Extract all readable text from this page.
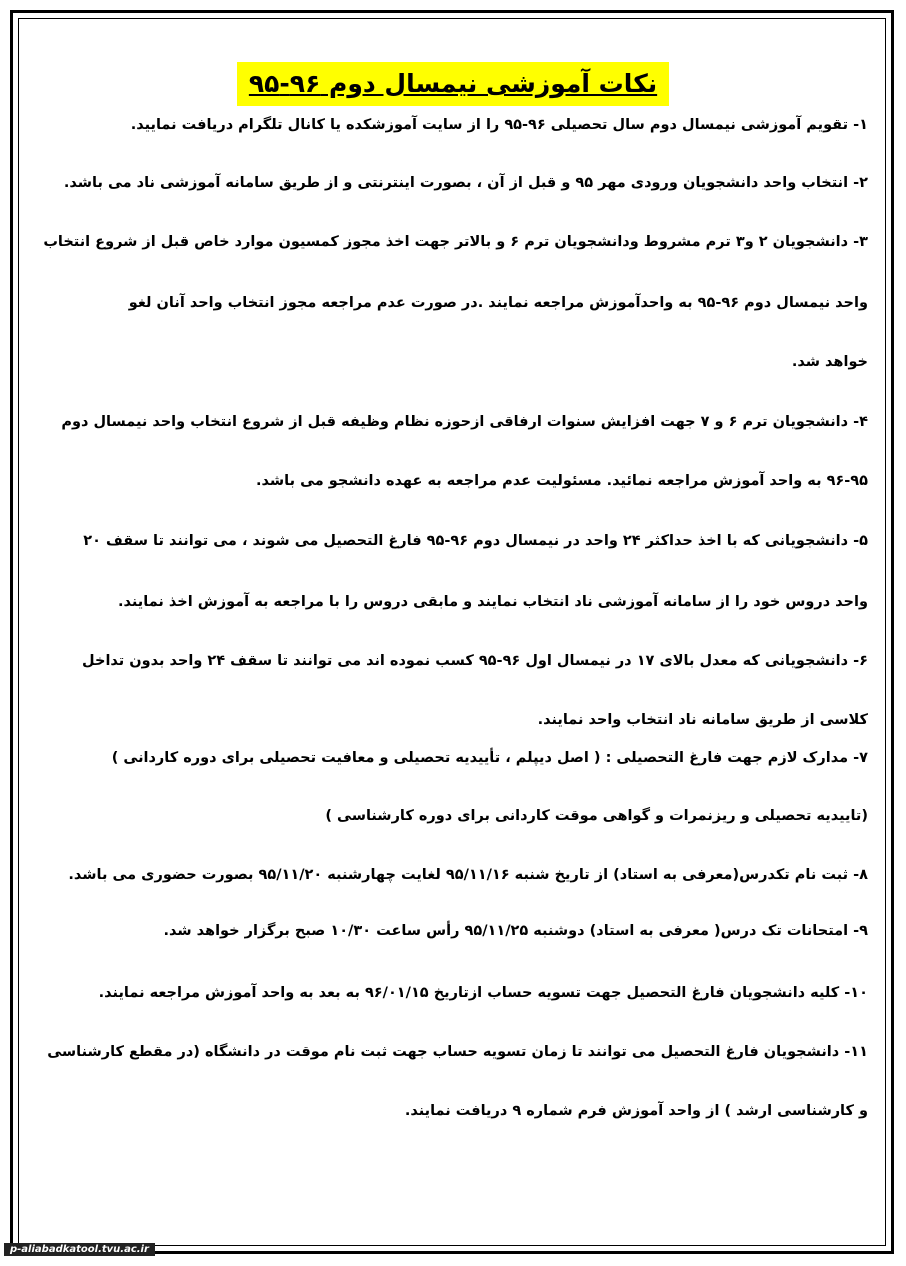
نکات آموزشی نیمسال دوم ۹۶-۹۵
۱- تقویم آموزشی نیمسال دوم سال تحصیلی ۹۶-۹۵ را از سایت آموزشکده یا کانال تلگرام دریافت نمایید.
۲- انتخاب واحد دانشجویان ورودی مهر ۹۵ و قبل از آن ، بصورت اینترنتی و از طریق سامانه آموزشی ناد می باشد.
۳- دانشجویان ۲ و۳ ترم مشروط ودانشجویان ترم ۶ و بالاتر جهت اخذ مجوز کمسیون موارد خاص قبل از شروع انتخاب
واحد نیمسال دوم ۹۶-۹۵ به واحدآموزش مراجعه نمایند .در صورت عدم مراجعه مجوز انتخاب واحد آنان لغو
خواهد شد.
۴- دانشجویان ترم ۶ و ۷ جهت افزایش سنوات ارفاقی ازحوزه نظام وظیفه قبل از شروع انتخاب واحد نیمسال دوم
۹۶-۹۵ به واحد آموزش مراجعه نمائید. مسئولیت عدم مراجعه به عهده دانشجو می باشد.
۵- دانشجویانی که با اخذ حداکثر ۲۴ واحد در نیمسال دوم ۹۶-۹۵ فارغ التحصیل می شوند ، می توانند تا سقف ۲۰
واحد دروس خود را از سامانه آموزشی ناد انتخاب نمایند و مابقی دروس را با مراجعه به آموزش اخذ نمایند.
۶- دانشجویانی که معدل بالای ۱۷ در نیمسال اول ۹۶-۹۵ کسب نموده اند می توانند تا سقف ۲۴ واحد بدون تداخل
کلاسی از طریق سامانه ناد انتخاب واحد نمایند.
۷- مدارک لازم جهت فارغ التحصیلی : ( اصل دیپلم ، تأییدیه تحصیلی و معافیت تحصیلی برای دوره کاردانی )
(تاییدیه تحصیلی و ریزنمرات و گواهی موقت کاردانی برای دوره کارشناسی )
۸- ثبت نام تکدرس(معرفی به استاد) از تاریخ شنبه ۹۵/۱۱/۱۶ لغایت چهارشنبه ۹۵/۱۱/۲۰ بصورت حضوری می باشد.
۹- امتحانات تک درس( معرفی به استاد) دوشنبه ۹۵/۱۱/۲۵ رأس ساعت ۱۰/۳۰ صبح برگزار خواهد شد.
۱۰- کلیه دانشجویان فارغ التحصیل جهت تسویه حساب ازتاریخ ۹۶/۰۱/۱۵ به بعد به واحد آموزش مراجعه نمایند.
۱۱- دانشجویان فارغ التحصیل می توانند تا زمان تسویه حساب جهت ثبت نام موقت در دانشگاه (در مقطع کارشناسی
و کارشناسی ارشد ) از واحد آموزش فرم شماره ۹ دریافت نمایند.
p-aliabadkatool.tvu.ac.ir
